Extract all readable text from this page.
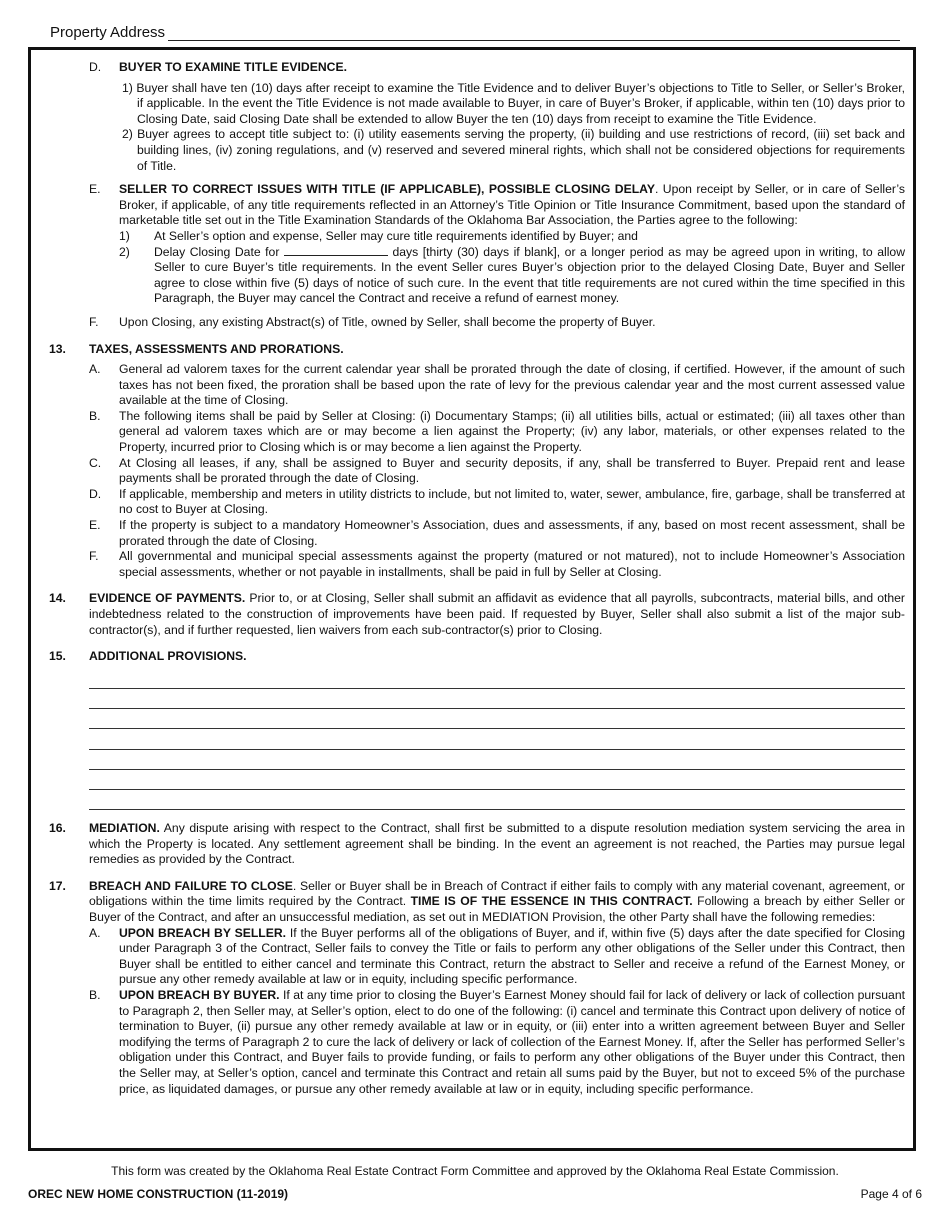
Property Address
D. BUYER TO EXAMINE TITLE EVIDENCE.

1) Buyer shall have ten (10) days after receipt to examine the Title Evidence and to deliver Buyer’s objections to Title to Seller, or Seller’s Broker, if applicable. In the event the Title Evidence is not made available to Buyer, in care of Buyer’s Broker, if applicable, within ten (10) days prior to Closing Date, said Closing Date shall be extended to allow Buyer the ten (10) days from receipt to examine the Title Evidence.

2) Buyer agrees to accept title subject to: (i) utility easements serving the property, (ii) building and use restrictions of record, (iii) set back and building lines, (iv) zoning regulations, and (v) reserved and severed mineral rights, which shall not be considered objections for requirements of Title.

E. SELLER TO CORRECT ISSUES WITH TITLE (IF APPLICABLE), POSSIBLE CLOSING DELAY. Upon receipt by Seller, or in care of Seller’s Broker, if applicable, of any title requirements reflected in an Attorney’s Title Opinion or Title Insurance Commitment, based upon the standard of marketable title set out in the Title Examination Standards of the Oklahoma Bar Association, the Parties agree to the following:

1) At Seller’s option and expense, Seller may cure title requirements identified by Buyer; and

2) Delay Closing Date for	days [thirty (30) days if blank], or a longer period as may be agreed upon in writing, to allow Seller to cure Buyer’s title requirements. In the event Seller cures Buyer’s objection prior to the delayed Closing Date, Buyer and Seller agree to close within five (5) days of notice of such cure. In the event that title requirements are not cured within the time specified in this Paragraph, the Buyer may cancel the Contract and receive a refund of earnest money.

F. Upon Closing, any existing Abstract(s) of Title, owned by Seller, shall become the property of Buyer.

13. TAXES, ASSESSMENTS AND PRORATIONS.

A. General ad valorem taxes for the current calendar year shall be prorated through the date of closing, if certified. However, if the amount of such taxes has not been fixed, the proration shall be based upon the rate of levy for the previous calendar year and the most current assessed value available at the time of Closing.

B. The following items shall be paid by Seller at Closing: (i) Documentary Stamps; (ii) all utilities bills, actual or estimated; (iii) all taxes other than general ad valorem taxes which are or may become a lien against the Property; (iv) any labor, materials, or other expenses related to the Property, incurred prior to Closing which is or may become a lien against the Property.

C. At Closing all leases, if any, shall be assigned to Buyer and security deposits, if any, shall be transferred to Buyer. Prepaid rent and lease payments shall be prorated through the date of Closing.

D. If applicable, membership and meters in utility districts to include, but not limited to, water, sewer, ambulance, fire, garbage, shall be transferred at no cost to Buyer at Closing.

E. If the property is subject to a mandatory Homeowner’s Association, dues and assessments, if any, based on most recent assessment, shall be prorated through the date of Closing.

F. All governmental and municipal special assessments against the property (matured or not matured), not to include Homeowner’s Association special assessments, whether or not payable in installments, shall be paid in full by Seller at Closing.

14. EVIDENCE OF PAYMENTS. Prior to, or at Closing, Seller shall submit an affidavit as evidence that all payrolls, subcontracts, material bills, and other indebtedness related to the construction of improvements have been paid. If requested by Buyer, Seller shall also submit a list of the major sub-contractor(s), and if further requested, lien waivers from each sub-contractor(s) prior to Closing.

15. ADDITIONAL PROVISIONS.

16. MEDIATION. Any dispute arising with respect to the Contract, shall first be submitted to a dispute resolution mediation system servicing the area in which the Property is located. Any settlement agreement shall be binding. In the event an agreement is not reached, the Parties may pursue legal remedies as provided by the Contract.

17. BREACH AND FAILURE TO CLOSE. Seller or Buyer shall be in Breach of Contract if either fails to comply with any material covenant, agreement, or obligations within the time limits required by the Contract. TIME IS OF THE ESSENCE IN THIS CONTRACT. Following a breach by either Seller or Buyer of the Contract, and after an unsuccessful mediation, as set out in MEDIATION Provision, the other Party shall have the following remedies:

A. UPON BREACH BY SELLER. If the Buyer performs all of the obligations of Buyer, and if, within five (5) days after the date specified for Closing under Paragraph 3 of the Contract, Seller fails to convey the Title or fails to perform any other obligations of the Seller under this Contract, then Buyer shall be entitled to either cancel and terminate this Contract, return the abstract to Seller and receive a refund of the Earnest Money, or pursue any other remedy available at law or in equity, including specific performance.

B. UPON BREACH BY BUYER. If at any time prior to closing the Buyer’s Earnest Money should fail for lack of delivery or lack of collection pursuant to Paragraph 2, then Seller may, at Seller’s option, elect to do one of the following: (i) cancel and terminate this Contract upon delivery of notice of termination to Buyer, (ii) pursue any other remedy available at law or in equity, or (iii) enter into a written agreement between Buyer and Seller modifying the terms of Paragraph 2 to cure the lack of delivery or lack of collection of the Earnest Money. If, after the Seller has performed Seller’s obligation under this Contract, and Buyer fails to provide funding, or fails to perform any other obligations of the Buyer under this Contract, then the Seller may, at Seller’s option, cancel and terminate this Contract and retain all sums paid by the Buyer, but not to exceed 5% of the purchase price, as liquidated damages, or pursue any other remedy available at law or in equity, including specific performance.

This form was created by the Oklahoma Real Estate Contract Form Committee and approved by the Oklahoma Real Estate Commission.
OREC NEW HOME CONSTRUCTION (11-2019)	Page 4 of 6
